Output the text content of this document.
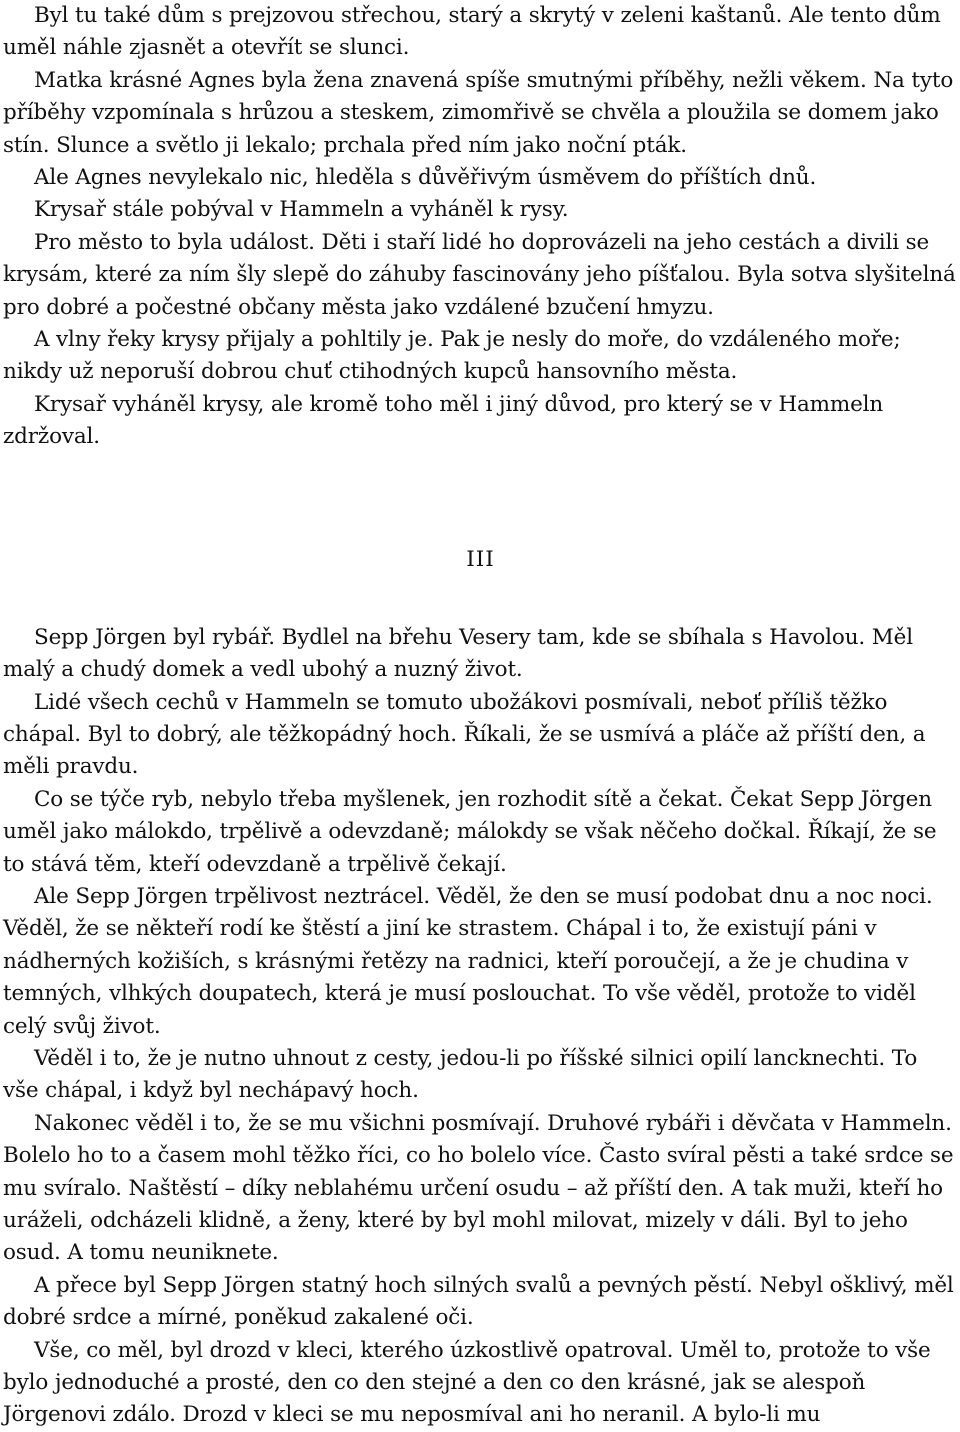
Byl tu také dům s prejzovou střechou, starý a skrytý v zeleni kaštanů. Ale tento dům uměl náhle zjasnět a otevřít se slunci.

Matka krásné Agnes byla žena znavená spíše smutnými příběhy, nežli věkem. Na tyto příběhy vzpomínala s hrůzou a steskem, zimomřivě se chvěla a ploužila se domem jako stín. Slunce a světlo ji lekalo; prchala před ním jako noční pták.

Ale Agnes nevylekalo nic, hleděla s důvěřivým úsměvem do příštích dnů.

Krysař stále pobýval v Hammeln a vyháněl k rysy.

Pro město to byla událost. Děti i staří lidé ho doprovázeli na jeho cestách a divili se krysám, které za ním šly slepě do záhuby fascinovány jeho píšťalou. Byla sotva slyšitelná pro dobré a počestné občany města jako vzdálené bzučení hmyzu.

A vlny řeky krysy přijaly a pohltily je. Pak je nesly do moře, do vzdáleného moře; nikdy už neporuší dobrou chuť ctihodných kupců hansovního města.

Krysař vyháněl krysy, ale kromě toho měl i jiný důvod, pro který se v Hammeln zdržoval.

III

Sepp Jörgen byl rybář. Bydlel na břehu Vesery tam, kde se sbíhala s Havolou. Měl malý a chudý domek a vedl ubohý a nuzný život.

Lidé všech cechů v Hammeln se tomuto ubožákovi posmívali, neboť příliš těžko chápal. Byl to dobrý, ale těžkopádný hoch. Říkali, že se usmívá a pláče až příští den, a měli pravdu.

Co se týče ryb, nebylo třeba myšlenek, jen rozhodit sítě a čekat. Čekat Sepp Jörgen uměl jako málokdo, trpělivě a odevzdaně; málokdy se však něčeho dočkal. Říkají, že se to stává těm, kteří odevzdaně a trpělivě čekají.

Ale Sepp Jörgen trpělivost neztrácel. Věděl, že den se musí podobat dnu a noc noci. Věděl, že se někteří rodí ke štěstí a jiní ke strastem. Chápal i to, že existují páni v nádherných kožiších, s krásnými řetězy na radnici, kteří poroučejí, a že je chudina v temných, vlhkých doupatech, která je musí poslouchat. To vše věděl, protože to viděl celý svůj život.

Věděl i to, že je nutno uhnout z cesty, jedou-li po říšské silnici opilí lancknechti. To vše chápal, i když byl nechápavý hoch.

Nakonec věděl i to, že se mu všichni posmívají. Druhové rybáři i děvčata v Hammeln. Bolelo ho to a časem mohl těžko říci, co ho bolelo více. Často svíral pěsti a také srdce se mu svíralo. Naštěstí – díky neblahému určení osudu – až příští den. A tak muži, kteří ho uráželi, odcházeli klidně, a ženy, které by byl mohl milovat, mizely v dáli. Byl to jeho osud. A tomu neuniknete.

A přece byl Sepp Jörgen statný hoch silných svalů a pevných pěstí. Nebyl ošklivý, měl dobré srdce a mírné, poněkud zakalené oči.

Vše, co měl, byl drozd v kleci, kterého úzkostlivě opatroval. Uměl to, protože to vše bylo jednoduché a prosté, den co den stejné a den co den krásné, jak se alespoň Jörgenovi zdálo. Drozd v kleci se mu neposmíval ani ho neranil. A bylo-li mu
